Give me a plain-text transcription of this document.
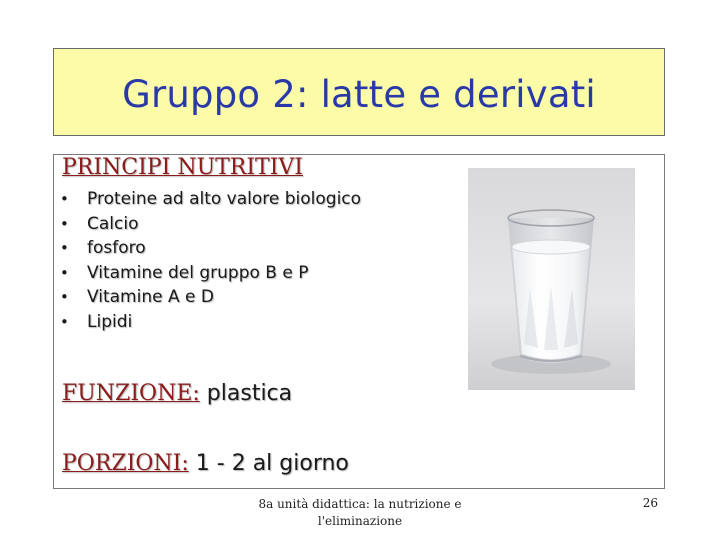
Gruppo 2: latte e derivati
PRINCIPI NUTRITIVI
•	Proteine ad alto valore biologico
•	Calcio
•	fosforo
•	Vitamine del gruppo B e P
•	Vitamine A e D
•	Lipidi
FUNZIONE: plastica
PORZIONI: 1 - 2 al giorno
8a unità didattica: la nutrizione e
l'eliminazione
26
